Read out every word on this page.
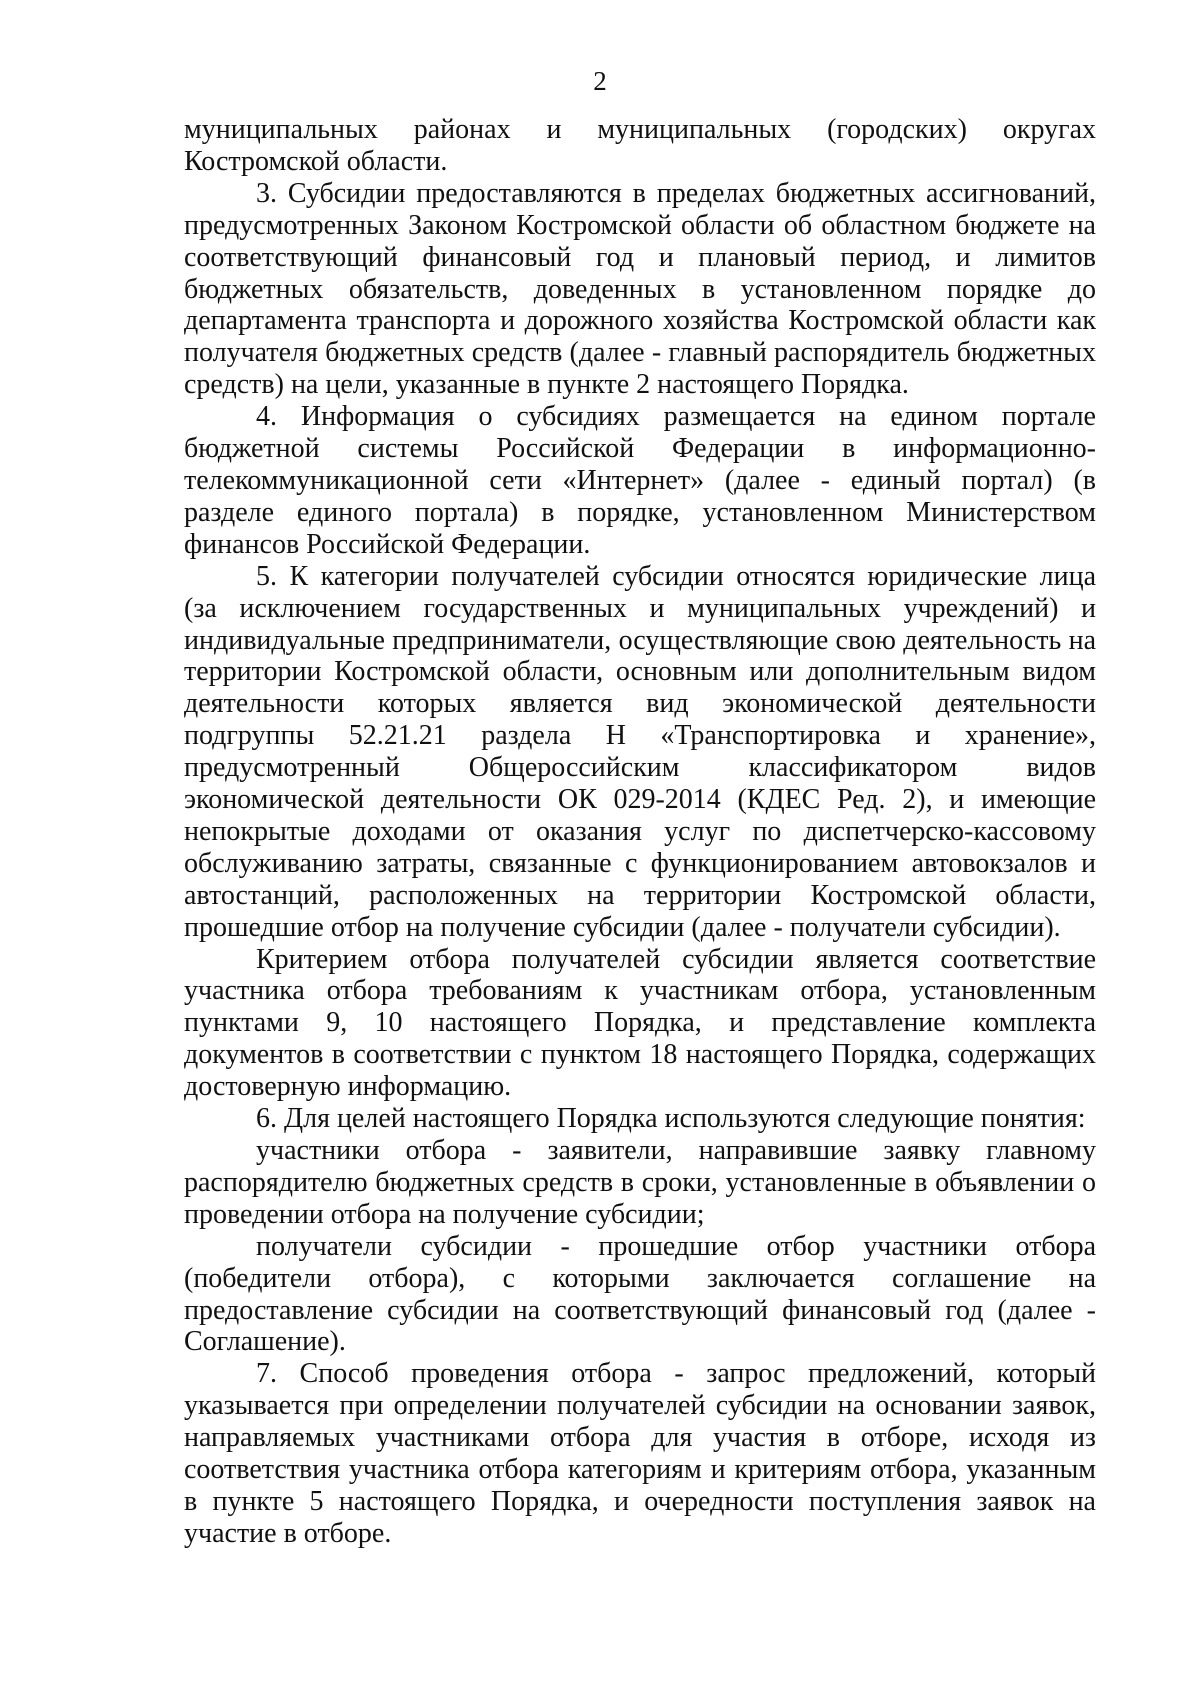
2

муниципальных районах и муниципальных (городских) округах Костромской области.

3. Субсидии предоставляются в пределах бюджетных ассигнований, предусмотренных Законом Костромской области об областном бюджете на соответствующий финансовый год и плановый период, и лимитов бюджетных обязательств, доведенных в установленном порядке до департамента транспорта и дорожного хозяйства Костромской области как получателя бюджетных средств (далее - главный распорядитель бюджетных средств) на цели, указанные в пункте 2 настоящего Порядка.

4. Информация о субсидиях размещается на едином портале бюджетной системы Российской Федерации в информационно-телекоммуникационной сети «Интернет» (далее - единый портал) (в разделе единого портала) в порядке, установленном Министерством финансов Российской Федерации.

5. К категории получателей субсидии относятся юридические лица (за исключением государственных и муниципальных учреждений) и индивидуальные предприниматели, осуществляющие свою деятельность на территории Костромской области, основным или дополнительным видом деятельности которых является вид экономической деятельности подгруппы 52.21.21 раздела Н «Транспортировка и хранение», предусмотренный Общероссийским классификатором видов экономической деятельности ОК 029-2014 (КДЕС Ред. 2), и имеющие непокрытые доходами от оказания услуг по диспетчерско-кассовому обслуживанию затраты, связанные с функционированием автовокзалов и автостанций, расположенных на территории Костромской области, прошедшие отбор на получение субсидии (далее - получатели субсидии).

Критерием отбора получателей субсидии является соответствие участника отбора требованиям к участникам отбора, установленным пунктами 9, 10 настоящего Порядка, и представление комплекта документов в соответствии с пунктом 18 настоящего Порядка, содержащих достоверную информацию.

6. Для целей настоящего Порядка используются следующие понятия:

участники отбора - заявители, направившие заявку главному распорядителю бюджетных средств в сроки, установленные в объявлении о проведении отбора на получение субсидии;

получатели субсидии - прошедшие отбор участники отбора (победители отбора), с которыми заключается соглашение на предоставление субсидии на соответствующий финансовый год (далее - Соглашение).

7. Способ проведения отбора - запрос предложений, который указывается при определении получателей субсидии на основании заявок, направляемых участниками отбора для участия в отборе, исходя из соответствия участника отбора категориям и критериям отбора, указанным в пункте 5 настоящего Порядка, и очередности поступления заявок на участие в отборе.
